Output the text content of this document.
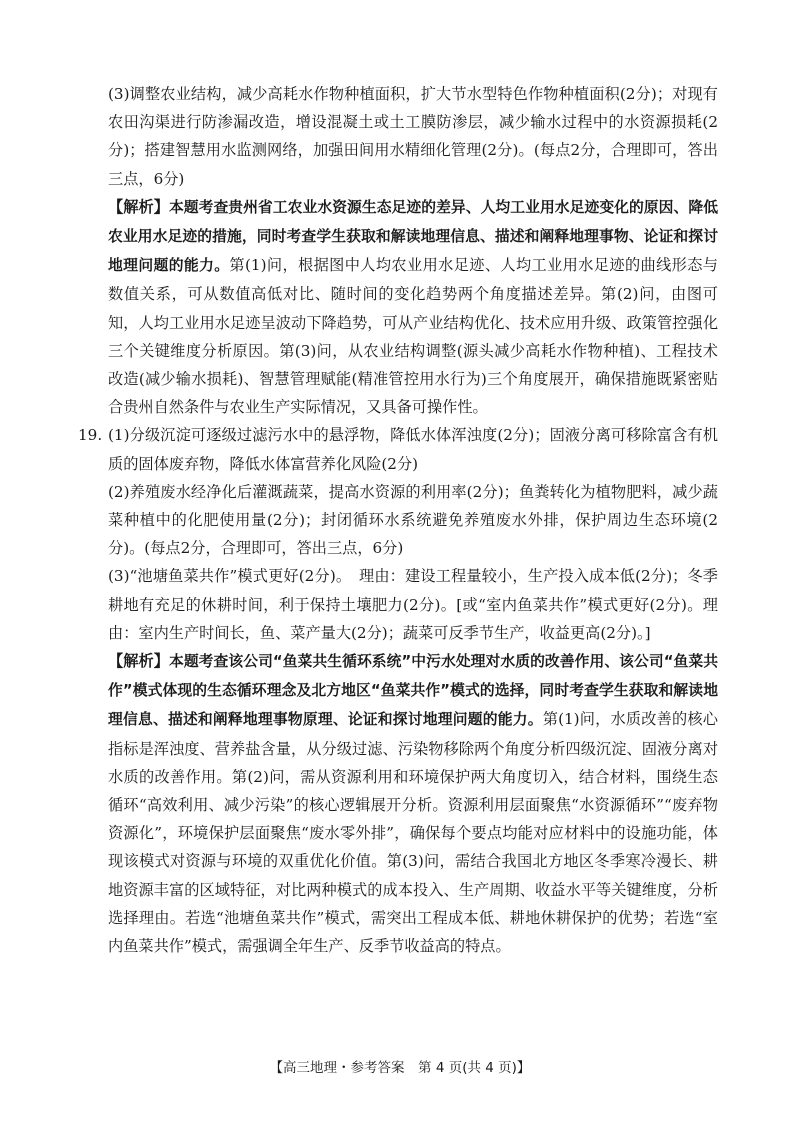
(3)调整农业结构，减少高耗水作物种植面积，扩大节水型特色作物种植面积(2分)；对现有农田沟渠进行防渗漏改造，增设混凝土或土工膜防渗层，减少输水过程中的水资源损耗(2分)；搭建智慧用水监测网络，加强田间用水精细化管理(2分)。(每点2分，合理即可，答出三点，6分)

【解析】本题考查贵州省工农业水资源生态足迹的差异、人均工业用水足迹变化的原因、降低农业用水足迹的措施，同时考查学生获取和解读地理信息、描述和阐释地理事物、论证和探讨地理问题的能力。第(1)问，根据图中人均农业用水足迹、人均工业用水足迹的曲线形态与数值关系，可从数值高低对比、随时间的变化趋势两个角度描述差异。第(2)问，由图可知，人均工业用水足迹呈波动下降趋势，可从产业结构优化、技术应用升级、政策管控强化三个关键维度分析原因。第(3)问，从农业结构调整(源头减少高耗水作物种植)、工程技术改造(减少输水损耗)、智慧管理赋能(精准管控用水行为)三个角度展开，确保措施既紧密贴合贵州自然条件与农业生产实际情况，又具备可操作性。

19. (1)分级沉淀可逐级过滤污水中的悬浮物，降低水体浑浊度(2分)；固液分离可移除富含有机质的固体废弃物，降低水体富营养化风险(2分)

(2)养殖废水经净化后灌溉蔬菜，提高水资源的利用率(2分)；鱼粪转化为植物肥料，减少蔬菜种植中的化肥使用量(2分)；封闭循环水系统避免养殖废水外排，保护周边生态环境(2分)。(每点2分，合理即可，答出三点，6分)

(3)“池塘鱼菜共作”模式更好(2分)。　理由：建设工程量较小，生产投入成本低(2分)；冬季耕地有充足的休耕时间，利于保持土壤肥力(2分)。[或“室内鱼菜共作”模式更好(2分)。理由：室内生产时间长，鱼、菜产量大(2分)；蔬菜可反季节生产，收益更高(2分)。]

【解析】本题考查该公司“鱼菜共生循环系统”中污水处理对水质的改善作用、该公司“鱼菜共作”模式体现的生态循环理念及北方地区“鱼菜共作”模式的选择，同时考查学生获取和解读地理信息、描述和阐释地理事物原理、论证和探讨地理问题的能力。第(1)问，水质改善的核心指标是浑浊度、营养盐含量，从分级过滤、污染物移除两个角度分析四级沉淀、固液分离对水质的改善作用。第(2)问，需从资源利用和环境保护两大角度切入，结合材料，围绕生态循环“高效利用、减少污染”的核心逻辑展开分析。资源利用层面聚焦“水资源循环”“废弃物资源化”，环境保护层面聚焦“废水零外排”，确保每个要点均能对应材料中的设施功能，体现该模式对资源与环境的双重优化价值。第(3)问，需结合我国北方地区冬季寒冷漫长、耕地资源丰富的区域特征，对比两种模式的成本投入、生产周期、收益水平等关键维度，分析选择理由。若选“池塘鱼菜共作”模式，需突出工程成本低、耕地休耕保护的优势；若选“室内鱼菜共作”模式，需强调全年生产、反季节收益高的特点。

【高三地理・参考答案　第 4 页(共 4 页)】
